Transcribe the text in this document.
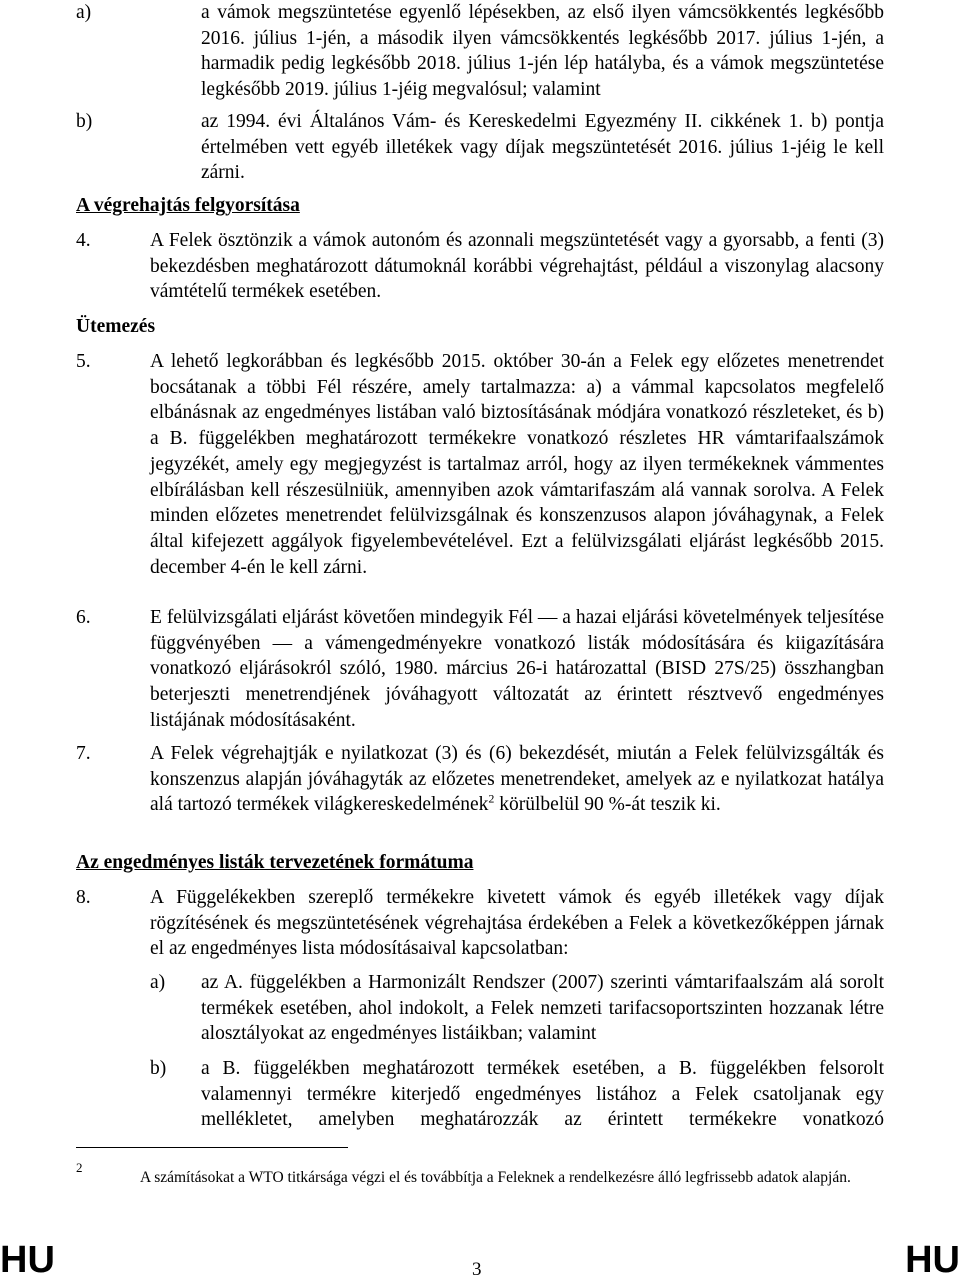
a)	a vámok megszüntetése egyenlő lépésekben, az első ilyen vámcsökkentés legkésőbb 2016. július 1-jén, a második ilyen vámcsökkentés legkésőbb 2017. július 1-jén, a harmadik pedig legkésőbb 2018. július 1-jén lép hatályba, és a vámok megszüntetése legkésőbb 2019. július 1-jéig megvalósul; valamint
b)	az 1994. évi Általános Vám- és Kereskedelmi Egyezmény II. cikkének 1. b) pontja értelmében vett egyéb illetékek vagy díjak megszüntetését 2016. július 1-jéig le kell zárni.
A végrehajtás felgyorsítása
4.	A Felek ösztönzik a vámok autonóm és azonnali megszüntetését vagy a gyorsabb, a fenti (3) bekezdésben meghatározott dátumoknál korábbi végrehajtást, például a viszonylag alacsony vámtételű termékek esetében.
Ütemezés
5.	A lehető legkorábban és legkésőbb 2015. október 30-án a Felek egy előzetes menetrendet bocsátanak a többi Fél részére, amely tartalmazza: a) a vámmal kapcsolatos megfelelő elbánásnak az engedményes listában való biztosításának módjára vonatkozó részleteket, és b) a B. függelékben meghatározott termékekre vonatkozó részletes HR vámtarifaalszámok jegyzékét, amely egy megjegyzést is tartalmaz arról, hogy az ilyen termékeknek vámmentes elbírálásban kell részesülniük, amennyiben azok vámtarifaszám alá vannak sorolva. A Felek minden előzetes menetrendet felülvizsgálnak és konszenzusos alapon jóváhagynak, a Felek által kifejezett aggályok figyelembevételével. Ezt a felülvizsgálati eljárást legkésőbb 2015. december 4-én le kell zárni.
6.	E felülvizsgálati eljárást követően mindegyik Fél — a hazai eljárási követelmények teljesítése függvényében — a vámengedményekre vonatkozó listák módosítására és kiigazítására vonatkozó eljárásokról szóló, 1980. március 26-i határozattal (BISD 27S/25) összhangban beterjeszti menetrendjének jóváhagyott változatát az érintett résztvevő engedményes listájának módosításaként.
7.	A Felek végrehajtják e nyilatkozat (3) és (6) bekezdését, miután a Felek felülvizsgálták és konszenzus alapján jóváhagyták az előzetes menetrendeket, amelyek az e nyilatkozat hatálya alá tartozó termékek világkereskedelmének$^2$ körülbelül 90 %-át teszik ki.
Az engedményes listák tervezetének formátuma
8.	A Függelékekben szereplő termékekre kivetett vámok és egyéb illetékek vagy díjak rögzítésének és megszüntetésének végrehajtása érdekében a Felek a következőképpen járnak el az engedményes lista módosításaival kapcsolatban:
a) az A. függelékben a Harmonizált Rendszer (2007) szerinti vámtarifaalszám alá sorolt termékek esetében, ahol indokolt, a Felek nemzeti tarifacsoportszinten hozzanak létre alosztályokat az engedményes listáikban; valamint
b) a B. függelékben meghatározott termékek esetében, a B. függelékben felsorolt valamennyi termékre kiterjedő engedményes listához a Felek csatoljanak egy mellékletet, amelyben meghatározzák az érintett termékekre vonatkozó
2
A számításokat a WTO titkársága végzi el és továbbítja a Feleknek a rendelkezésre álló legfrissebb adatok alapján.
HU	3	HU
